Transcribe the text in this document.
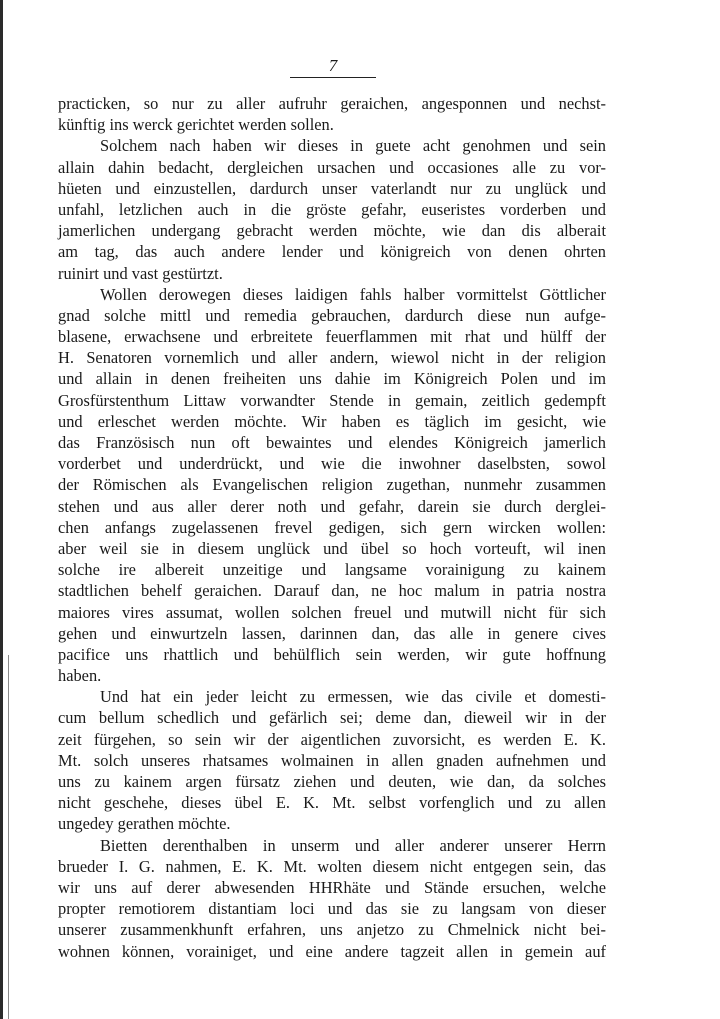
7
practicken, so nur zu aller aufruhr geraichen, angesponnen und nechst-
künftig ins werck gerichtet werden sollen.
Solchem nach haben wir dieses in guete acht genohmen und sein
allain dahin bedacht, dergleichen ursachen und occasiones alle zu vor-
hüeten und einzustellen, dardurch unser vaterlandt nur zu unglück und
unfahl, letzlichen auch in die gröste gefahr, euseristes vorderben und
jamerlichen undergang gebracht werden möchte, wie dan dis alberait
am tag, das auch andere lender und königreich von denen ohrten
ruinirt und vast gestürtzt.
Wollen derowegen dieses laidigen fahls halber vormittelst Göttlicher
gnad solche mittl und remedia gebrauchen, dardurch diese nun aufge-
blasene, erwachsene und erbreitete feuerflammen mit rhat und hülff der
H. Senatoren vornemlich und aller andern, wiewol nicht in der religion
und allain in denen freiheiten uns dahie im Königreich Polen und im
Grosfürstenthum Littaw vorwandter Stende in gemain, zeitlich gedempft
und erleschet werden möchte. Wir haben es täglich im gesicht, wie
das Französisch nun oft bewaintes und elendes Königreich jamerlich
vorderbet und underdrückt, und wie die inwohner daselbsten, sowol
der Römischen als Evangelischen religion zugethan, nunmehr zusammen
stehen und aus aller derer noth und gefahr, darein sie durch derglei-
chen anfangs zugelassenen frevel gedigen, sich gern wircken wollen:
aber weil sie in diesem unglück und übel so hoch vorteuft, wil inen
solche ire albereit unzeitige und langsame vorainigung zu kainem
stadtlichen behelf geraichen. Darauf dan, ne hoc malum in patria nostra
maiores vires assumat, wollen solchen freuel und mutwill nicht für sich
gehen und einwurtzeln lassen, darinnen dan, das alle in genere cives
pacifice uns rhattlich und behülflich sein werden, wir gute hoffnung
haben.
Und hat ein jeder leicht zu ermessen, wie das civile et domesti-
cum bellum schedlich und gefärlich sei; deme dan, dieweil wir in der
zeit fürgehen, so sein wir der aigentlichen zuvorsicht, es werden E. K.
Mt. solch unseres rhatsames wolmainen in allen gnaden aufnehmen und
uns zu kainem argen fürsatz ziehen und deuten, wie dan, da solches
nicht geschehe, dieses übel E. K. Mt. selbst vorfenglich und zu allen
ungedey gerathen möchte.
Bietten derenthalben in unserm und aller anderer unserer Herrn
brueder I. G. nahmen, E. K. Mt. wolten diesem nicht entgegen sein, das
wir uns auf derer abwesenden HHRhäte und Stände ersuchen, welche
propter remotiorem distantiam loci und das sie zu langsam von dieser
unserer zusammenkhunft erfahren, uns anjetzo zu Chmelnick nicht bei-
wohnen können, vorainiget, und eine andere tagzeit allen in gemein auf
